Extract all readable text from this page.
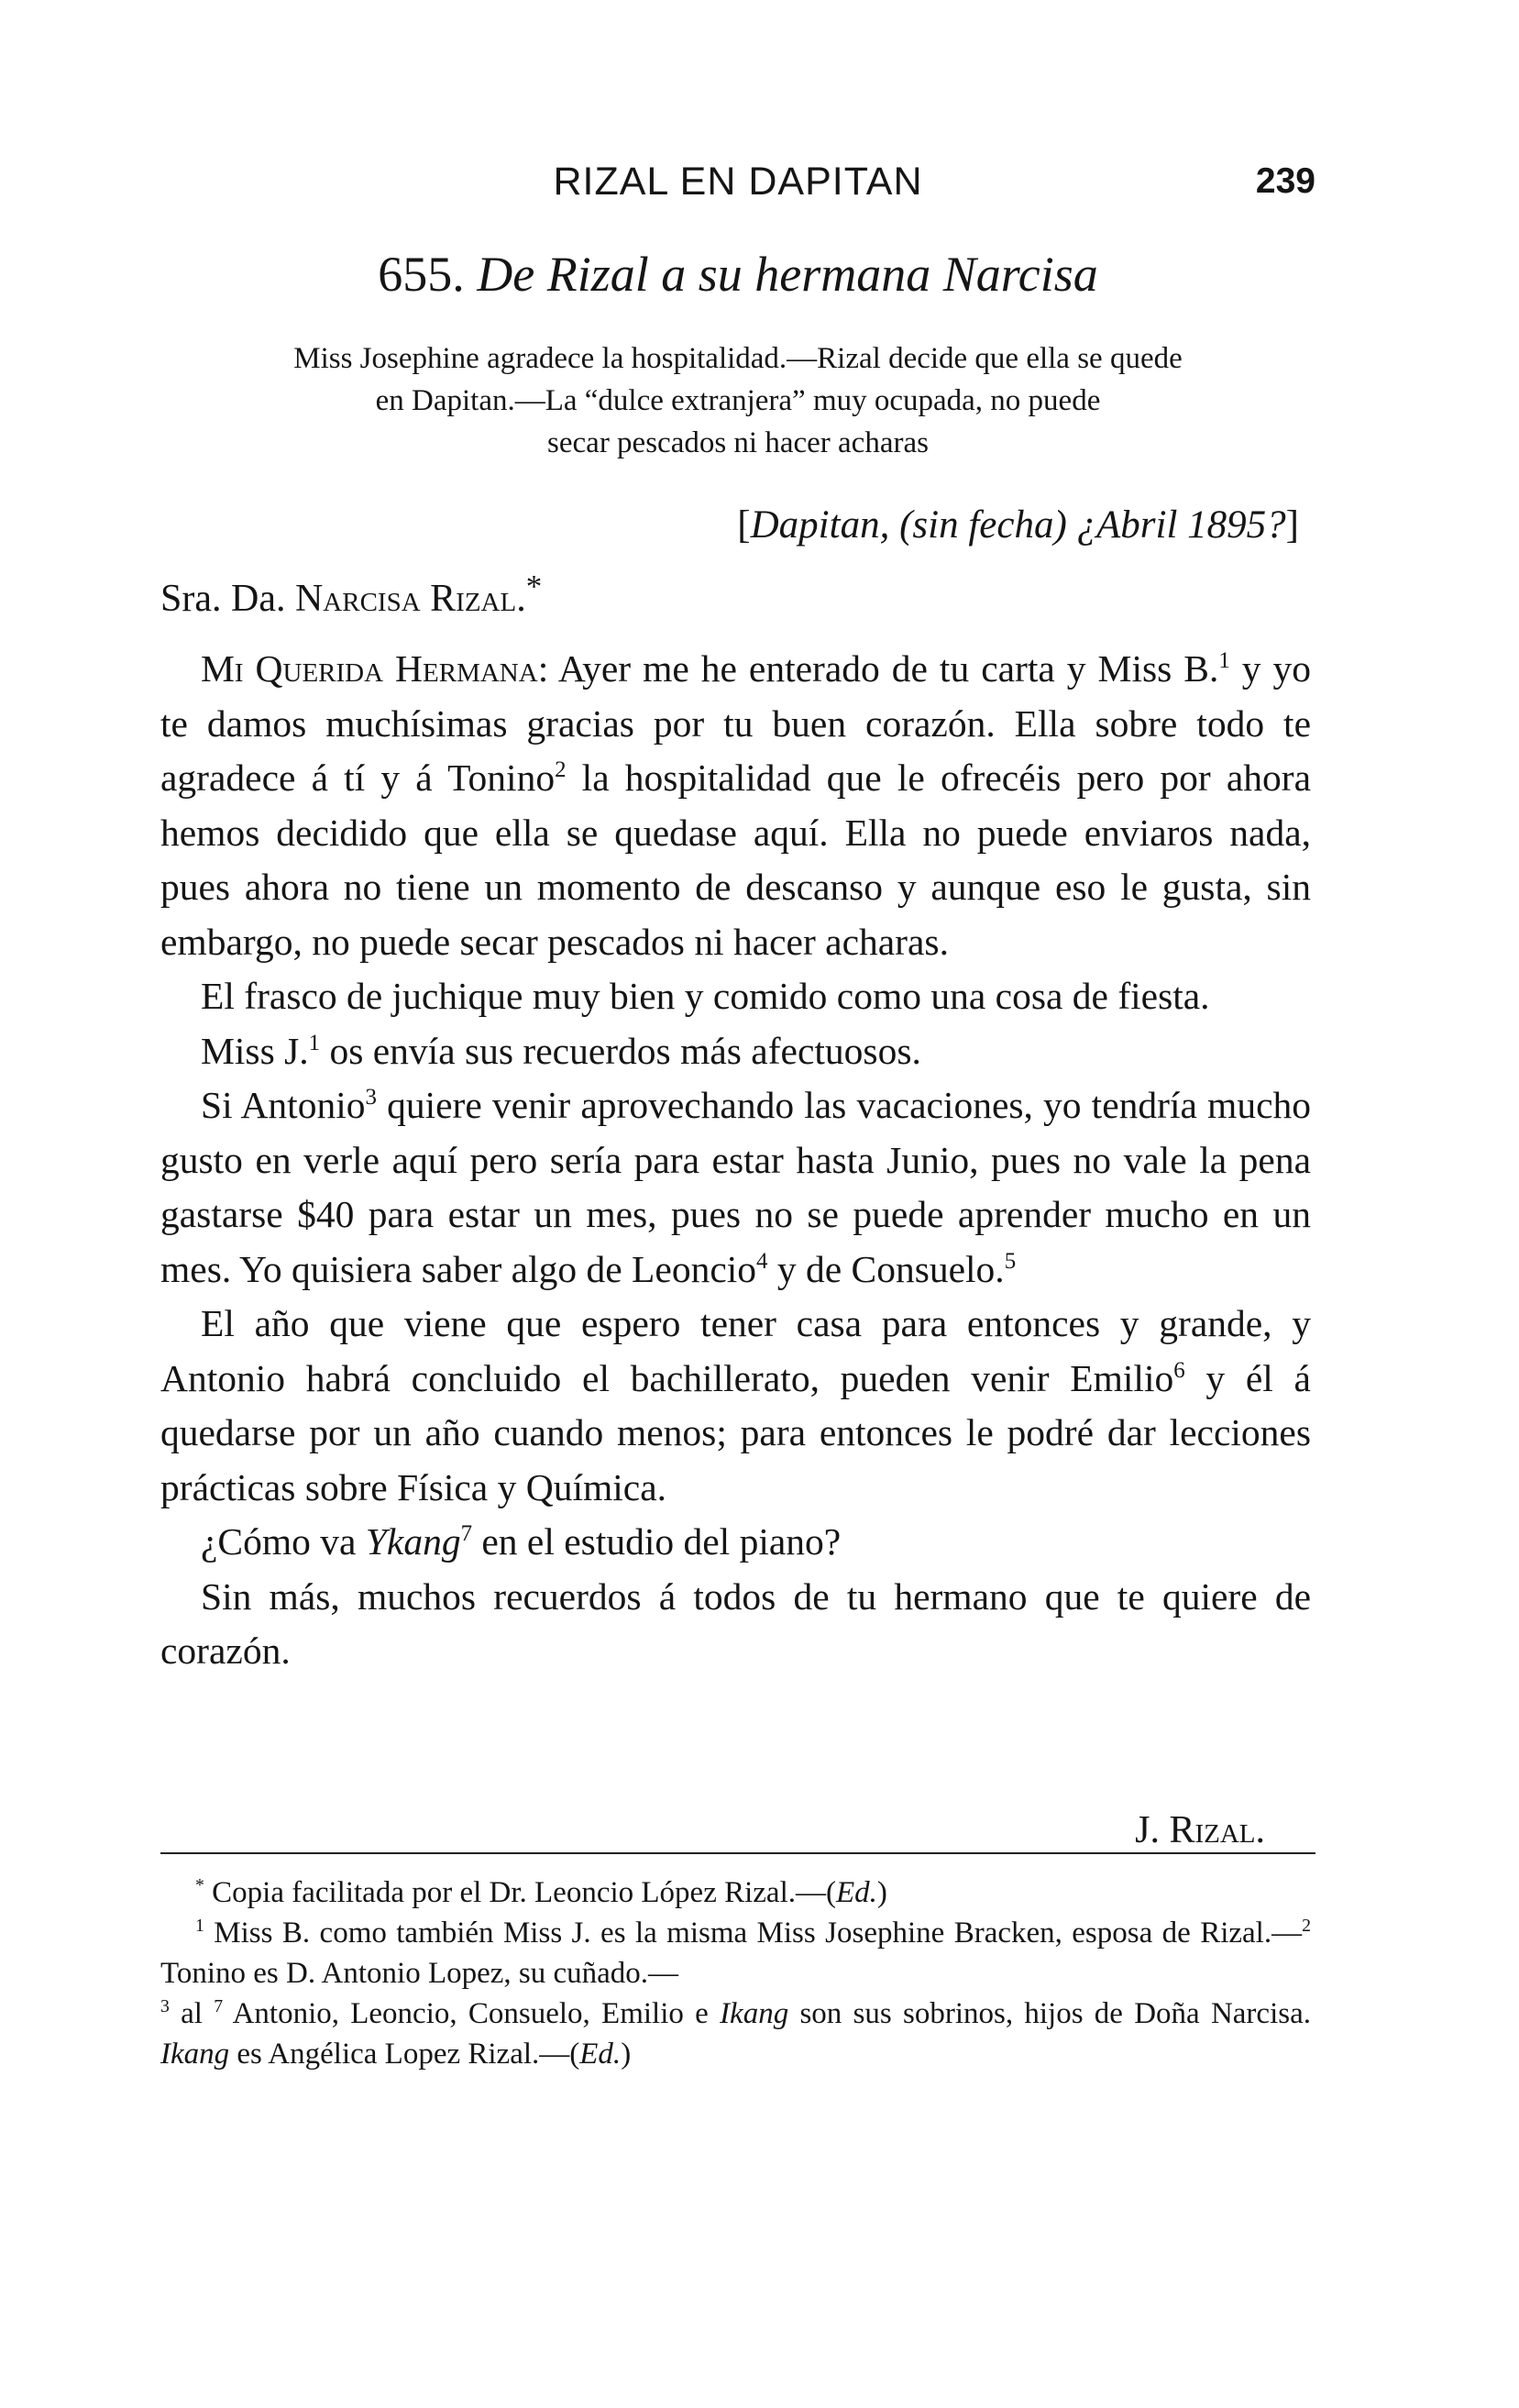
RIZAL EN DAPITAN	239
655. De Rizal a su hermana Narcisa
Miss Josephine agradece la hospitalidad.—Rizal decide que ella se quede
en Dapitan.—La “dulce extranjera” muy ocupada, no puede
secar pescados ni hacer acharas
[Dapitan, (sin fecha) ¿Abril 1895?]
Sra. Da. Narcisa Rizal.*

Mi Querida Hermana: Ayer me he enterado de tu carta y Miss B.$^1$ y yo te damos muchísimas gracias por tu buen corazón. Ella sobre todo te agradece á tí y á Tonino$^2$ la hospitalidad que le ofrecéis pero por ahora hemos decidido que ella se quedase aquí. Ella no puede enviaros nada, pues ahora no tiene un momento de descanso y aunque eso le gusta, sin embargo, no puede secar pescados ni hacer acharas.

El frasco de juchique muy bien y comido como una cosa de fiesta.

Miss J.$^1$ os envía sus recuerdos más afectuosos.

Si Antonio$^3$ quiere venir aprovechando las vacaciones, yo tendría mucho gusto en verle aquí pero sería para estar hasta Junio, pues no vale la pena gastarse $40 para estar un mes, pues no se puede aprender mucho en un mes. Yo quisiera saber algo de Leoncio$^4$ y de Consuelo.$^5$

El año que viene que espero tener casa para entonces y grande, y Antonio habrá concluido el bachillerato, pueden venir Emilio$^6$ y él á quedarse por un año cuando menos; para entonces le podré dar lecciones prácticas sobre Física y Química.

¿Cómo va Ykang$^7$ en el estudio del piano?

Sin más, muchos recuerdos á todos de tu hermano que te quiere de corazón.

J. Rizal.

* Copia facilitada por el Dr. Leoncio López Rizal.—(Ed.)

$^1$ Miss B. como también Miss J. es la misma Miss Josephine Bracken, esposa de Rizal.—$^2$ Tonino es D. Antonio Lopez, su cuñado.—
$^3$ al $^7$ Antonio, Leoncio, Consuelo, Emilio e Ikang son sus sobrinos, hijos de Doña Narcisa. Ikang es Angélica Lopez Rizal.—(Ed.)
